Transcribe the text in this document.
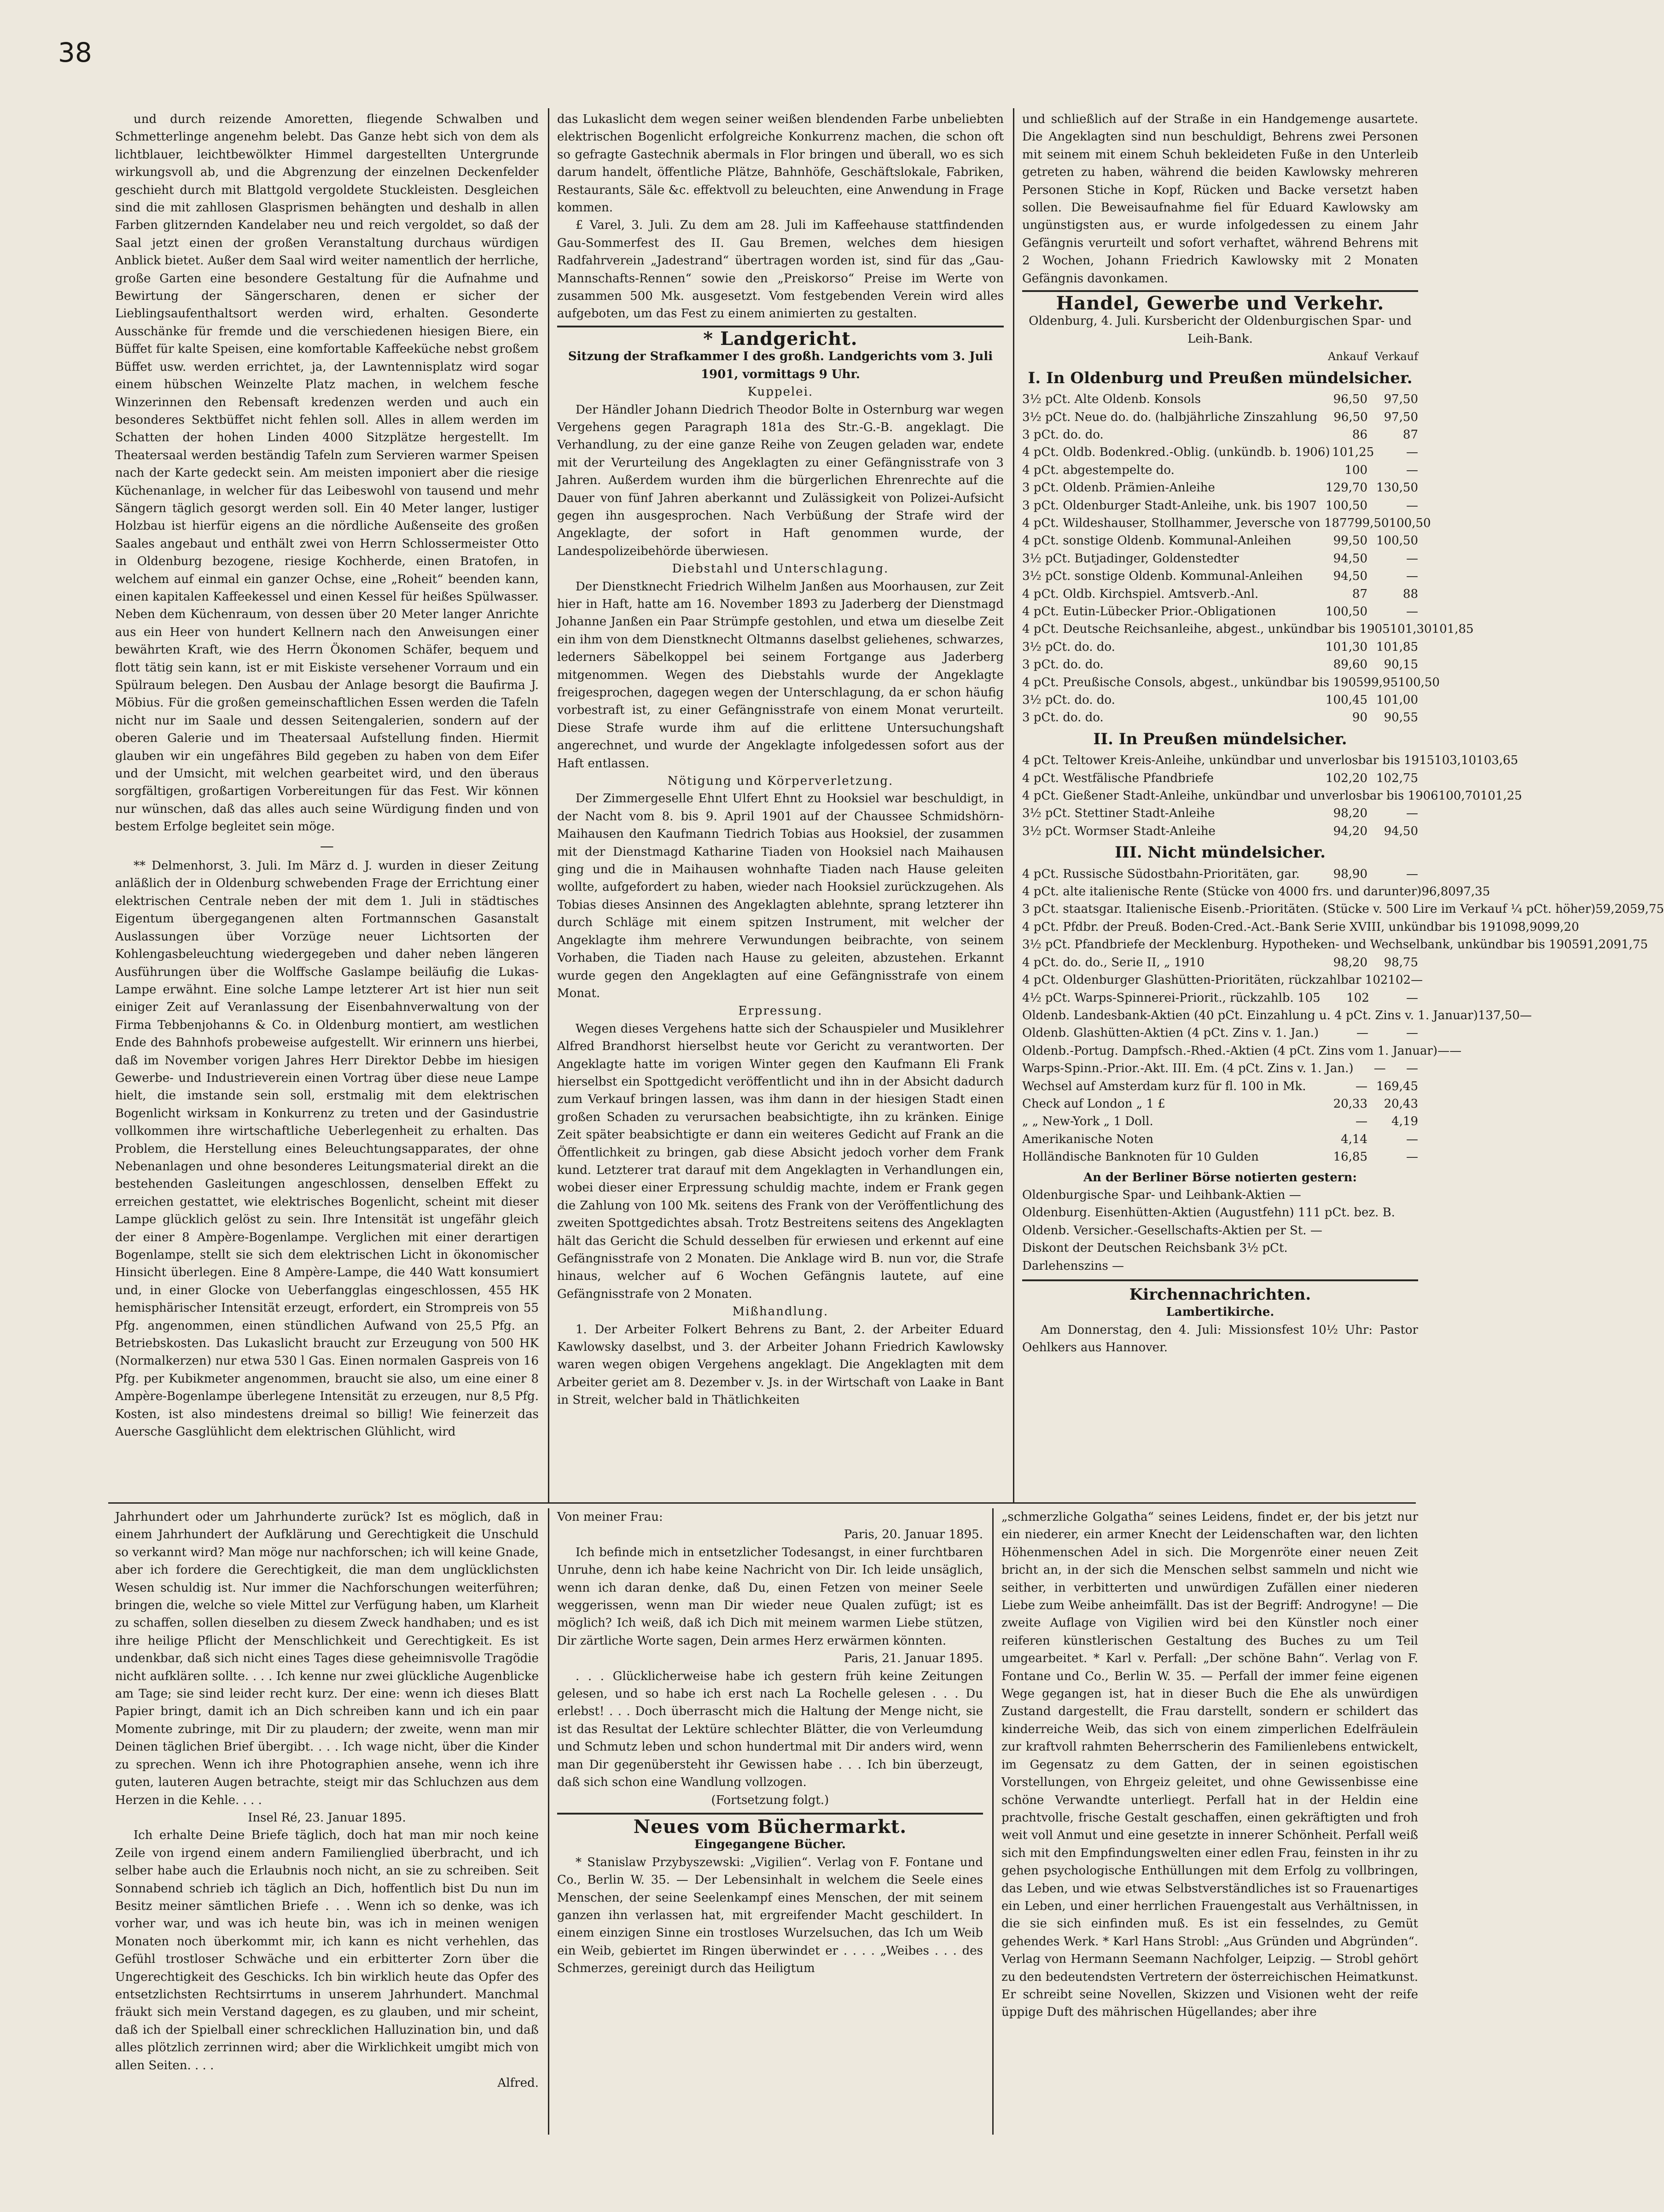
38

und durch reizende Amoretten, fliegende Schwalben und Schmetterlinge angenehm belebt. Das Ganze hebt sich von dem als lichtblauer, leichtbewölkter Himmel dargestellten Untergrunde wirkungsvoll ab, und die Abgrenzung der einzelnen Deckenfelder geschieht durch mit Blattgold vergoldete Stuckleisten. Desgleichen sind die mit zahllosen Glasprismen behängten und deshalb in allen Farben glitzernden Kandelaber neu und reich vergoldet, so daß der Saal jetzt einen der großen Veranstaltung durchaus würdigen Anblick bietet. Außer dem Saal wird weiter namentlich der herrliche, große Garten eine besondere Gestaltung für die Aufnahme und Bewirtung der Sängerscharen, denen er sicher der Lieblingsaufenthaltsort werden wird, erhalten. Gesonderte Ausschänke für fremde und die verschiedenen hiesigen Biere, ein Büffet für kalte Speisen, eine komfortable Kaffeeküche nebst großem Büffet usw. werden errichtet, ja, der Lawntennisplatz wird sogar einem hübschen Weinzelte Platz machen, in welchem fesche Winzerinnen den Rebensaft kredenzen werden und auch ein besonderes Sektbüffet nicht fehlen soll. Alles in allem werden im Schatten der hohen Linden 4000 Sitzplätze hergestellt. Im Theatersaal werden beständig Tafeln zum Servieren warmer Speisen nach der Karte gedeckt sein. Am meisten imponiert aber die riesige Küchenanlage, in welcher für das Leibeswohl von tausend und mehr Sängern täglich gesorgt werden soll. Ein 40 Meter langer, lustiger Holzbau ist hierfür eigens an die nördliche Außenseite des großen Saales angebaut und enthält zwei von Herrn Schlossermeister Otto in Oldenburg bezogene, riesige Kochherde, einen Bratofen, in welchem auf einmal ein ganzer Ochse, eine „Roheit“ beenden kann, einen kapitalen Kaffeekessel und einen Kessel für heißes Spülwasser. Neben dem Küchenraum, von dessen über 20 Meter langer Anrichte aus ein Heer von hundert Kellnern nach den Anweisungen einer bewährten Kraft, wie des Herrn Ökonomen Schäfer, bequem und flott tätig sein kann, ist er mit Eiskiste versehener Vorraum und ein Spülraum belegen. Den Ausbau der Anlage besorgt die Baufirma J. Möbius. Für die großen gemeinschaftlichen Essen werden die Tafeln nicht nur im Saale und dessen Seitengalerien, sondern auf der oberen Galerie und im Theatersaal Aufstellung finden. Hiermit glauben wir ein ungefähres Bild gegeben zu haben von dem Eifer und der Umsicht, mit welchen gearbeitet wird, und den überaus sorgfältigen, großartigen Vorbereitungen für das Fest. Wir können nur wünschen, daß das alles auch seine Würdigung finden und von bestem Erfolge begleitet sein möge.

—

** Delmenhorst, 3. Juli. Im März d. J. wurden in dieser Zeitung anläßlich der in Oldenburg schwebenden Frage der Errichtung einer elektrischen Centrale neben der mit dem 1. Juli in städtisches Eigentum übergegangenen alten Fortmannschen Gasanstalt Auslassungen über Vorzüge neuer Lichtsorten der Kohlengasbeleuchtung wiedergegeben und daher neben längeren Ausführungen über die Wolffsche Gaslampe beiläufig die Lukas-Lampe erwähnt. Eine solche Lampe letzterer Art ist hier nun seit einiger Zeit auf Veranlassung der Eisenbahnverwaltung von der Firma Tebbenjohanns & Co. in Oldenburg montiert, am westlichen Ende des Bahnhofs probeweise aufgestellt. Wir erinnern uns hierbei, daß im November vorigen Jahres Herr Direktor Debbe im hiesigen Gewerbe- und Industrieverein einen Vortrag über diese neue Lampe hielt, die imstande sein soll, erstmalig mit dem elektrischen Bogenlicht wirksam in Konkurrenz zu treten und der Gasindustrie vollkommen ihre wirtschaftliche Ueberlegenheit zu erhalten. Das Problem, die Herstellung eines Beleuchtungsapparates, der ohne Nebenanlagen und ohne besonderes Leitungsmaterial direkt an die bestehenden Gasleitungen angeschlossen, denselben Effekt zu erreichen gestattet, wie elektrisches Bogenlicht, scheint mit dieser Lampe glücklich gelöst zu sein. Ihre Intensität ist ungefähr gleich der einer 8 Ampère-Bogenlampe. Verglichen mit einer derartigen Bogenlampe, stellt sie sich dem elektrischen Licht in ökonomischer Hinsicht überlegen. Eine 8 Ampère-Lampe, die 440 Watt konsumiert und, in einer Glocke von Ueberfangglas eingeschlossen, 455 HK hemisphärischer Intensität erzeugt, erfordert, ein Strompreis von 55 Pfg. angenommen, einen stündlichen Aufwand von 25,5 Pfg. an Betriebskosten. Das Lukaslicht braucht zur Erzeugung von 500 HK (Normalkerzen) nur etwa 530 l Gas. Einen normalen Gaspreis von 16 Pfg. per Kubikmeter angenommen, braucht sie also, um eine einer 8 Ampère-Bogenlampe überlegene Intensität zu erzeugen, nur 8,5 Pfg. Kosten, ist also mindestens dreimal so billig! Wie feinerzeit das Auersche Gasglühlicht dem elektrischen Glühlicht, wird

das Lukaslicht dem wegen seiner weißen blendenden Farbe unbeliebten elektrischen Bogenlicht erfolgreiche Konkurrenz machen, die schon oft so gefragte Gastechnik abermals in Flor bringen und überall, wo es sich darum handelt, öffentliche Plätze, Bahnhöfe, Geschäftslokale, Fabriken, Restaurants, Säle &c. effektvoll zu beleuchten, eine Anwendung in Frage kommen.

£ Varel, 3. Juli. Zu dem am 28. Juli im Kaffeehause stattfindenden Gau-Sommerfest des II. Gau Bremen, welches dem hiesigen Radfahrverein „Jadestrand“ übertragen worden ist, sind für das „Gau-Mannschafts-Rennen“ sowie den „Preiskorso“ Preise im Werte von zusammen 500 Mk. ausgesetzt. Vom festgebenden Verein wird alles aufgeboten, um das Fest zu einem animierten zu gestalten.

* Landgericht.
Sitzung der Strafkammer I des großh. Landgerichts vom 3. Juli 1901, vormittags 9 Uhr.
Kuppelei.

Der Händler Johann Diedrich Theodor Bolte in Osternburg war wegen Vergehens gegen Paragraph 181a des Str.-G.-B. angeklagt. Die Verhandlung, zu der eine ganze Reihe von Zeugen geladen war, endete mit der Verurteilung des Angeklagten zu einer Gefängnisstrafe von 3 Jahren. Außerdem wurden ihm die bürgerlichen Ehrenrechte auf die Dauer von fünf Jahren aberkannt und Zulässigkeit von Polizei-Aufsicht gegen ihn ausgesprochen. Nach Verbüßung der Strafe wird der Angeklagte, der sofort in Haft genommen wurde, der Landespolizeibehörde überwiesen.

Diebstahl und Unterschlagung.

Der Dienstknecht Friedrich Wilhelm Janßen aus Moorhausen, zur Zeit hier in Haft, hatte am 16. November 1893 zu Jaderberg der Dienstmagd Johanne Janßen ein Paar Strümpfe gestohlen, und etwa um dieselbe Zeit ein ihm von dem Dienstknecht Oltmanns daselbst geliehenes, schwarzes, lederners Säbelkoppel bei seinem Fortgange aus Jaderberg mitgenommen. Wegen des Diebstahls wurde der Angeklagte freigesprochen, dagegen wegen der Unterschlagung, da er schon häufig vorbestraft ist, zu einer Gefängnisstrafe von einem Monat verurteilt. Diese Strafe wurde ihm auf die erlittene Untersuchungshaft angerechnet, und wurde der Angeklagte infolgedessen sofort aus der Haft entlassen.

Nötigung und Körperverletzung.

Der Zimmergeselle Ehnt Ulfert Ehnt zu Hooksiel war beschuldigt, in der Nacht vom 8. bis 9. April 1901 auf der Chaussee Schmidshörn-Maihausen den Kaufmann Tiedrich Tobias aus Hooksiel, der zusammen mit der Dienstmagd Katharine Tiaden von Hooksiel nach Maihausen ging und die in Maihausen wohnhafte Tiaden nach Hause geleiten wollte, aufgefordert zu haben, wieder nach Hooksiel zurückzugehen. Als Tobias dieses Ansinnen des Angeklagten ablehnte, sprang letzterer ihn durch Schläge mit einem spitzen Instrument, mit welcher der Angeklagte ihm mehrere Verwundungen beibrachte, von seinem Vorhaben, die Tiaden nach Hause zu geleiten, abzustehen. Erkannt wurde gegen den Angeklagten auf eine Gefängnisstrafe von einem Monat.

Erpressung.

Wegen dieses Vergehens hatte sich der Schauspieler und Musiklehrer Alfred Brandhorst hierselbst heute vor Gericht zu verantworten. Der Angeklagte hatte im vorigen Winter gegen den Kaufmann Eli Frank hierselbst ein Spottgedicht veröffentlicht und ihn in der Absicht dadurch zum Verkauf bringen lassen, was ihm dann in der hiesigen Stadt einen großen Schaden zu verursachen beabsichtigte, ihn zu kränken. Einige Zeit später beabsichtigte er dann ein weiteres Gedicht auf Frank an die Öffentlichkeit zu bringen, gab diese Absicht jedoch vorher dem Frank kund. Letzterer trat darauf mit dem Angeklagten in Verhandlungen ein, wobei dieser einer Erpressung schuldig machte, indem er Frank gegen die Zahlung von 100 Mk. seitens des Frank von der Veröffentlichung des zweiten Spottgedichtes absah. Trotz Bestreitens seitens des Angeklagten hält das Gericht die Schuld desselben für erwiesen und erkennt auf eine Gefängnisstrafe von 2 Monaten. Die Anklage wird B. nun vor, die Strafe hinaus, welcher auf 6 Wochen Gefängnis lautete, auf eine Gefängnisstrafe von 2 Monaten.

Mißhandlung.

1. Der Arbeiter Folkert Behrens zu Bant, 2. der Arbeiter Eduard Kawlowsky daselbst, und 3. der Arbeiter Johann Friedrich Kawlowsky waren wegen obigen Vergehens angeklagt. Die Angeklagten mit dem Arbeiter geriet am 8. Dezember v. Js. in der Wirtschaft von Laake in Bant in Streit, welcher bald in Thätlichkeiten

und schließlich auf der Straße in ein Handgemenge ausartete. Die Angeklagten sind nun beschuldigt, Behrens zwei Personen mit seinem mit einem Schuh bekleideten Fuße in den Unterleib getreten zu haben, während die beiden Kawlowsky mehreren Personen Stiche in Kopf, Rücken und Backe versetzt haben sollen. Die Beweisaufnahme fiel für Eduard Kawlowsky am ungünstigsten aus, er wurde infolgedessen zu einem Jahr Gefängnis verurteilt und sofort verhaftet, während Behrens mit 2 Wochen, Johann Friedrich Kawlowsky mit 2 Monaten Gefängnis davonkamen.

Handel, Gewerbe und Verkehr.
Oldenburg, 4. Juli. Kursbericht der Oldenburgischen Spar- und Leih-Bank.
Ankauf Verkauf
I. In Oldenburg und Preußen mündelsicher.
3½ pCt. Alte Oldenb. Konsols	96,50	97,50
3½ pCt. Neue do. do. (halbjährliche Zinszahlung	96,50	97,50
3 pCt. do. do.	86	87
4 pCt. Oldb. Bodenkred.-Oblig. (unkündb. b. 1906) 101,25	—
4 pCt. abgestempelte do.	100	—
3 pCt. Oldenb. Prämien-Anleihe	129,70 130,50
3 pCt. Oldenburger Stadt-Anleihe, unk. bis 1907 100,50	—
4 pCt. Wildeshauser, Stollhammer, Jeversche von 1877 99,50 100,50
4 pCt. sonstige Oldenb. Kommunal-Anleihen	99,50 100,50
3½ pCt. Butjadinger, Goldenstedter	94,50	—
3½ pCt. sonstige Oldenb. Kommunal-Anleihen	94,50	—
4 pCt. Oldb. Kirchspiel. Amtsverb.-Anl.	87	88
4 pCt. Eutin-Lübecker Prior.-Obligationen	100,50	—
4 pCt. Deutsche Reichsanleihe, abgest., unkündbar bis 1905 101,30 101,85
3½ pCt. do. do.	101,30 101,85
3 pCt. do. do.	89,60	90,15
4 pCt. Preußische Consols, abgest., unkündbar bis 1905 99,95 100,50
3½ pCt. do. do.	100,45 101,00
3 pCt. do. do.	90	90,55
II. In Preußen mündelsicher.
4 pCt. Teltower Kreis-Anleihe, unkündbar und unverlosbar bis 1915 103,10 103,65
4 pCt. Westfälische Pfandbriefe	102,20 102,75
4 pCt. Gießener Stadt-Anleihe, unkündbar und unverlosbar bis 1906 100,70 101,25
3½ pCt. Stettiner Stadt-Anleihe	98,20	—
3½ pCt. Wormser Stadt-Anleihe	94,20	94,50
III. Nicht mündelsicher.
4 pCt. Russische Südostbahn-Prioritäten, gar.	98,90	—
4 pCt. alte italienische Rente (Stücke von 4000 frs. und darunter) 96,80 97,35
3 pCt. staatsgar. Italienische Eisenb.-Prioritäten. (Stücke v. 500 Lire im Verkauf ¼ pCt. höher) 59,20 59,75
4 pCt. Pfdbr. der Preuß. Boden-Cred.-Act.-Bank Serie XVIII, unkündbar bis 1910 98,90 99,20
3½ pCt. Pfandbriefe der Mecklenburg. Hypotheken- und Wechselbank, unkündbar bis 1905 91,20 91,75
4 pCt. do. do., Serie II, „ 1910	98,20	98,75
4 pCt. Oldenburger Glashütten-Prioritäten, rückzahlbar 102 102 —
4½ pCt. Warps-Spinnerei-Priorit., rückzahlb. 105	102	—
Oldenb. Landesbank-Aktien (40 pCt. Einzahlung u. 4 pCt. Zins v. 1. Januar) 137,50 —
Oldenb. Glashütten-Aktien (4 pCt. Zins v. 1. Jan.)	—	—
Oldenb.-Portug. Dampfsch.-Rhed.-Aktien (4 pCt. Zins vom 1. Januar) — —
Warps-Spinn.-Prior.-Akt. III. Em. (4 pCt. Zins v. 1. Jan.)	—	—
Wechsel auf Amsterdam kurz für fl. 100 in Mk.	— 169,45
Check auf London „ 1 £	20,33	20,43
„ „ New-York „ 1 Doll.	—	4,19
Amerikanische Noten	4,14	—
Holländische Banknoten für 10 Gulden	16,85	—
An der Berliner Börse notierten gestern:
Oldenburgische Spar- und Leihbank-Aktien —
Oldenburg. Eisenhütten-Aktien (Augustfehn) 111 pCt. bez. B.
Oldenb. Versicher.-Gesellschafts-Aktien per St. —
Diskont der Deutschen Reichsbank 3½ pCt.
Darlehenszins —
Kirchennachrichten.
Lambertikirche.

Am Donnerstag, den 4. Juli: Missionsfest 10½ Uhr: Pastor Oehlkers aus Hannover.

Jahrhundert oder um Jahrhunderte zurück? Ist es möglich, daß in einem Jahrhundert der Aufklärung und Gerechtigkeit die Unschuld so verkannt wird? Man möge nur nachforschen; ich will keine Gnade, aber ich fordere die Gerechtigkeit, die man dem unglücklichsten Wesen schuldig ist. Nur immer die Nachforschungen weiterführen; bringen die, welche so viele Mittel zur Verfügung haben, um Klarheit zu schaffen, sollen dieselben zu diesem Zweck handhaben; und es ist ihre heilige Pflicht der Menschlichkeit und Gerechtigkeit. Es ist undenkbar, daß sich nicht eines Tages diese geheimnisvolle Tragödie nicht aufklären sollte. . . . Ich kenne nur zwei glückliche Augenblicke am Tage; sie sind leider recht kurz. Der eine: wenn ich dieses Blatt Papier bringt, damit ich an Dich schreiben kann und ich ein paar Momente zubringe, mit Dir zu plaudern; der zweite, wenn man mir Deinen täglichen Brief übergibt. . . . Ich wage nicht, über die Kinder zu sprechen. Wenn ich ihre Photographien ansehe, wenn ich ihre guten, lauteren Augen betrachte, steigt mir das Schluchzen aus dem Herzen in die Kehle. . . .

Insel Ré, 23. Januar 1895.

Ich erhalte Deine Briefe täglich, doch hat man mir noch keine Zeile von irgend einem andern Familienglied überbracht, und ich selber habe auch die Erlaubnis noch nicht, an sie zu schreiben. Seit Sonnabend schrieb ich täglich an Dich, hoffentlich bist Du nun im Besitz meiner sämtlichen Briefe . . . Wenn ich so denke, was ich vorher war, und was ich heute bin, was ich in meinen wenigen Monaten noch überkommt mir, ich kann es nicht verhehlen, das Gefühl trostloser Schwäche und ein erbitterter Zorn über die Ungerechtigkeit des Geschicks. Ich bin wirklich heute das Opfer des entsetzlichsten Rechtsirrtums in unserem Jahrhundert. Manchmal fräukt sich mein Verstand dagegen, es zu glauben, und mir scheint, daß ich der Spielball einer schrecklichen Halluzination bin, und daß alles plötzlich zerrinnen wird; aber die Wirklichkeit umgibt mich von allen Seiten. . . .

Alfred.
Von meiner Frau:
Paris, 20. Januar 1895.

Ich befinde mich in entsetzlicher Todesangst, in einer furchtbaren Unruhe, denn ich habe keine Nachricht von Dir. Ich leide unsäglich, wenn ich daran denke, daß Du, einen Fetzen von meiner Seele weggerissen, wenn man Dir wieder neue Qualen zufügt; ist es möglich? Ich weiß, daß ich Dich mit meinem warmen Liebe stützen, Dir zärtliche Worte sagen, Dein armes Herz erwärmen könnten.

Paris, 21. Januar 1895.

. . . Glücklicherweise habe ich gestern früh keine Zeitungen gelesen, und so habe ich erst nach La Rochelle gelesen . . . Du erlebst! . . . Doch überrascht mich die Haltung der Menge nicht, sie ist das Resultat der Lektüre schlechter Blätter, die von Verleumdung und Schmutz leben und schon hundertmal mit Dir anders wird, wenn man Dir gegenübersteht ihr Gewissen habe . . . Ich bin überzeugt, daß sich schon eine Wandlung vollzogen.

(Fortsetzung folgt.)
Neues vom Büchermarkt.
Eingegangene Bücher.

* Stanislaw Przybyszewski: „Vigilien“. Verlag von F. Fontane und Co., Berlin W. 35. — Der Lebensinhalt in welchem die Seele eines Menschen, der seine Seelenkampf eines Menschen, der mit seinem ganzen ihn verlassen hat, mit ergreifender Macht geschildert. In einem einzigen Sinne ein trostloses Wurzelsuchen, das Ich um Weib ein Weib, gebiertet im Ringen überwindet er . . . . „Weibes . . . des Schmerzes, gereinigt durch das Heiligtum

„schmerzliche Golgatha“ seines Leidens, findet er, der bis jetzt nur ein niederer, ein armer Knecht der Leidenschaften war, den lichten Höhenmenschen Adel in sich. Die Morgenröte einer neuen Zeit bricht an, in der sich die Menschen selbst sammeln und nicht wie seither, in verbitterten und unwürdigen Zufällen einer niederen Liebe zum Weibe anheimfällt. Das ist der Begriff: Androgyne! — Die zweite Auflage von Vigilien wird bei den Künstler noch einer reiferen künstlerischen Gestaltung des Buches zu um Teil umgearbeitet. * Karl v. Perfall: „Der schöne Bahn“. Verlag von F. Fontane und Co., Berlin W. 35. — Perfall der immer feine eigenen Wege gegangen ist, hat in dieser Buch die Ehe als unwürdigen Zustand dargestellt, die Frau darstellt, sondern er schildert das kinderreiche Weib, das sich von einem zimperlichen Edelfräulein zur kraftvoll rahmten Beherrscherin des Familienlebens entwickelt, im Gegensatz zu dem Gatten, der in seinen egoistischen Vorstellungen, von Ehrgeiz geleitet, und ohne Gewissenbisse eine schöne Verwandte unterliegt. Perfall hat in der Heldin eine prachtvolle, frische Gestalt geschaffen, einen gekräftigten und froh weit voll Anmut und eine gesetzte in innerer Schönheit. Perfall weiß sich mit den Empfindungswelten einer edlen Frau, feinsten in ihr zu gehen psychologische Enthüllungen mit dem Erfolg zu vollbringen, das Leben, und wie etwas Selbstverständliches ist so Frauenartiges ein Leben, und einer herrlichen Frauengestalt aus Verhältnissen, in die sie sich einfinden muß. Es ist ein fesselndes, zu Gemüt gehendes Werk. * Karl Hans Strobl: „Aus Gründen und Abgründen“. Verlag von Hermann Seemann Nachfolger, Leipzig. — Strobl gehört zu den bedeutendsten Vertretern der österreichischen Heimatkunst. Er schreibt seine Novellen, Skizzen und Visionen weht der reife üppige Duft des mährischen Hügellandes; aber ihre
